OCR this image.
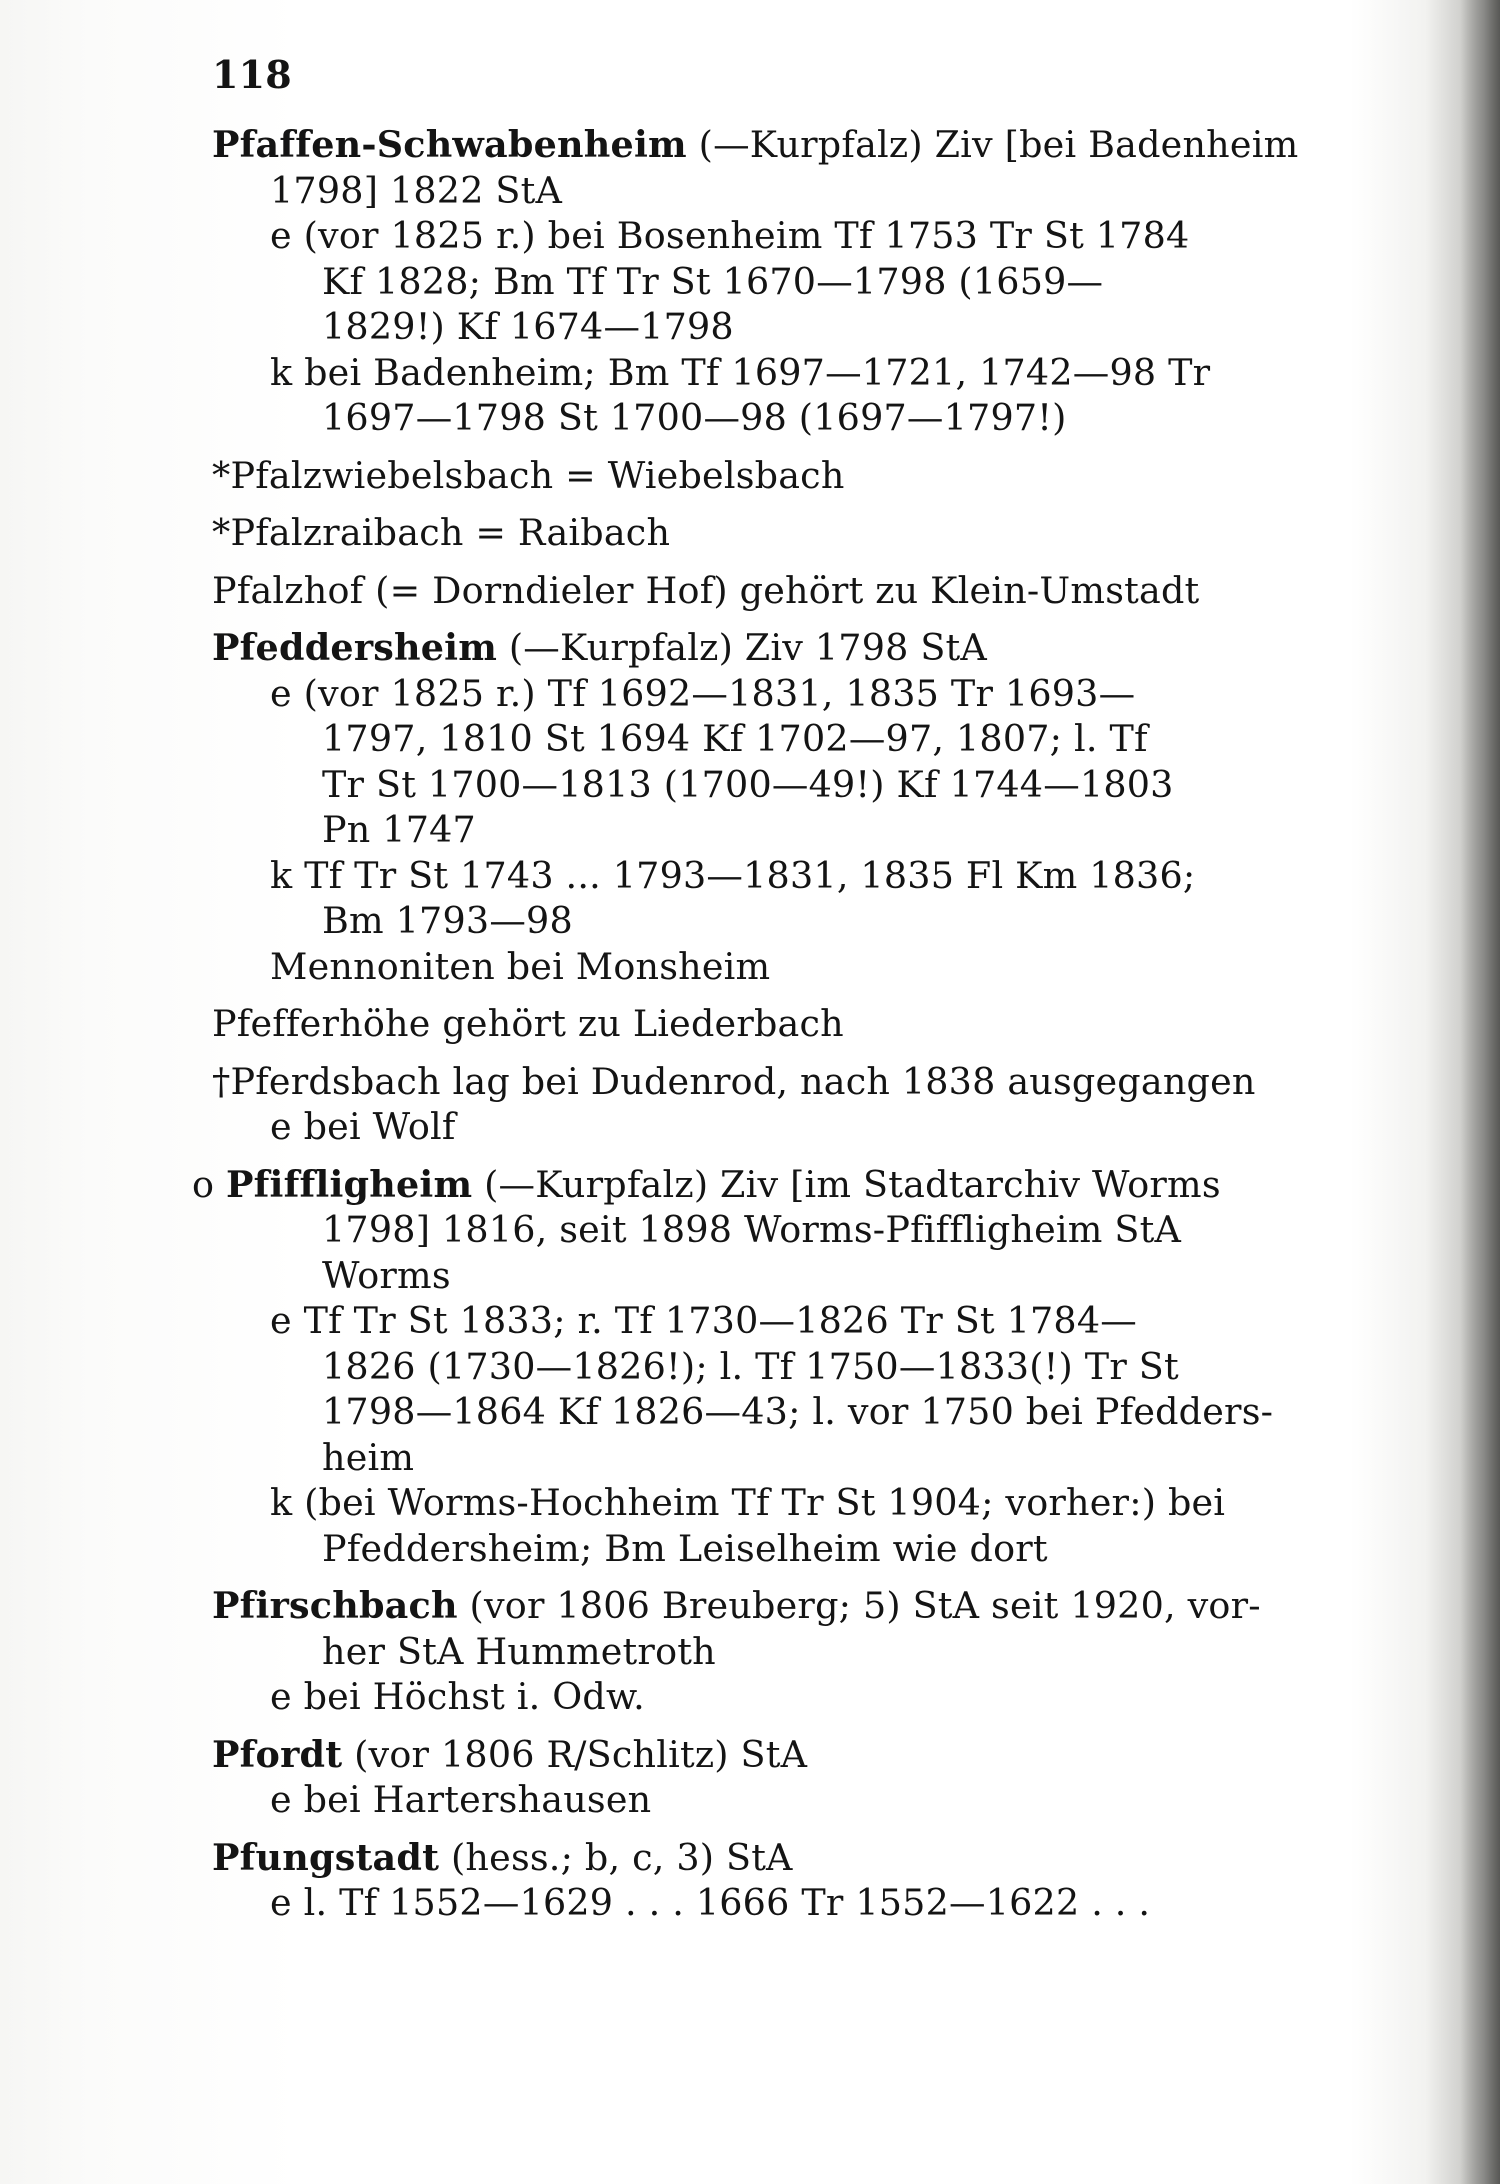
118
Pfaffen-Schwabenheim (—Kurpfalz) Ziv [bei Badenheim
1798] 1822 StA
e (vor 1825 r.) bei Bosenheim Tf 1753 Tr St 1784
Kf 1828; Bm Tf Tr St 1670—1798 (1659—
1829!) Kf 1674—1798
k bei Badenheim; Bm Tf 1697—1721, 1742—98 Tr
1697—1798 St 1700—98 (1697—1797!)
*Pfalzwiebelsbach = Wiebelsbach
*Pfalzraibach = Raibach
Pfalzhof (= Dorndieler Hof) gehört zu Klein-Umstadt
Pfeddersheim (—Kurpfalz) Ziv 1798 StA
e (vor 1825 r.) Tf 1692—1831, 1835 Tr 1693—
1797, 1810 St 1694 Kf 1702—97, 1807; l. Tf
Tr St 1700—1813 (1700—49!) Kf 1744—1803
Pn 1747
k Tf Tr St 1743 ... 1793—1831, 1835 Fl Km 1836;
Bm 1793—98
Mennoniten bei Monsheim
Pfefferhöhe gehört zu Liederbach
†Pferdsbach lag bei Dudenrod, nach 1838 ausgegangen
e bei Wolf
o Pfiffligheim (—Kurpfalz) Ziv [im Stadtarchiv Worms
1798] 1816, seit 1898 Worms-Pfiffligheim StA
Worms
e Tf Tr St 1833; r. Tf 1730—1826 Tr St 1784—
1826 (1730—1826!); l. Tf 1750—1833(!) Tr St
1798—1864 Kf 1826—43; l. vor 1750 bei Pfedders-
heim
k (bei Worms-Hochheim Tf Tr St 1904; vorher:) bei
Pfeddersheim; Bm Leiselheim wie dort
Pfirschbach (vor 1806 Breuberg; 5) StA seit 1920, vor-
her StA Hummetroth
e bei Höchst i. Odw.
Pfordt (vor 1806 R/Schlitz) StA
e bei Hartershausen
Pfungstadt (hess.; b, c, 3) StA
e l. Tf 1552—1629 . . . 1666 Tr 1552—1622 . . .
